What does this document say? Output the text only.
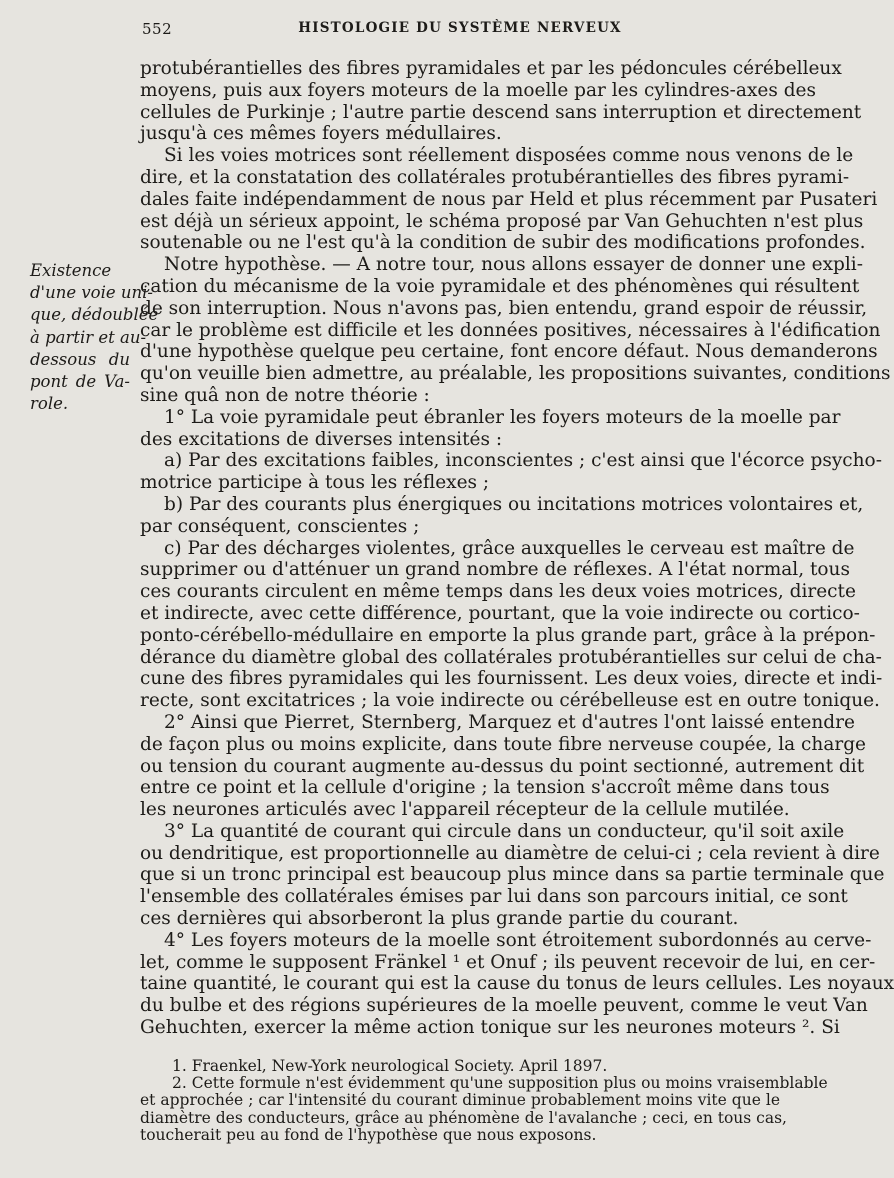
552	HISTOLOGIE DU SYSTÈME NERVEUX
Existence
d'une voie uni-
que, dédoublée
à partir et au-
dessous du
pont de Va-
role.
protubérantielles des fibres pyramidales et par les pédoncules cérébelleux
moyens, puis aux foyers moteurs de la moelle par les cylindres-axes des
cellules de Purkinje ; l'autre partie descend sans interruption et directement
jusqu'à ces mêmes foyers médullaires.
Si les voies motrices sont réellement disposées comme nous venons de le
dire, et la constatation des collatérales protubérantielles des fibres pyrami-
dales faite indépendamment de nous par Held et plus récemment par Pusateri
est déjà un sérieux appoint, le schéma proposé par Van Gehuchten n'est plus
soutenable ou ne l'est qu'à la condition de subir des modifications profondes.
Notre hypothèse. — A notre tour, nous allons essayer de donner une expli-
cation du mécanisme de la voie pyramidale et des phénomènes qui résultent
de son interruption. Nous n'avons pas, bien entendu, grand espoir de réussir,
car le problème est difficile et les données positives, nécessaires à l'édification
d'une hypothèse quelque peu certaine, font encore défaut. Nous demanderons
qu'on veuille bien admettre, au préalable, les propositions suivantes, conditions
sine quâ non de notre théorie :
1° La voie pyramidale peut ébranler les foyers moteurs de la moelle par
des excitations de diverses intensités :
a) Par des excitations faibles, inconscientes ; c'est ainsi que l'écorce psycho-
motrice participe à tous les réflexes ;
b) Par des courants plus énergiques ou incitations motrices volontaires et,
par conséquent, conscientes ;
c) Par des décharges violentes, grâce auxquelles le cerveau est maître de
supprimer ou d'atténuer un grand nombre de réflexes. A l'état normal, tous
ces courants circulent en même temps dans les deux voies motrices, directe
et indirecte, avec cette différence, pourtant, que la voie indirecte ou cortico-
ponto-cérébello-médullaire en emporte la plus grande part, grâce à la prépon-
dérance du diamètre global des collatérales protubérantielles sur celui de cha-
cune des fibres pyramidales qui les fournissent. Les deux voies, directe et indi-
recte, sont excitatrices ; la voie indirecte ou cérébelleuse est en outre tonique.
2° Ainsi que Pierret, Sternberg, Marquez et d'autres l'ont laissé entendre
de façon plus ou moins explicite, dans toute fibre nerveuse coupée, la charge
ou tension du courant augmente au-dessus du point sectionné, autrement dit
entre ce point et la cellule d'origine ; la tension s'accroît même dans tous
les neurones articulés avec l'appareil récepteur de la cellule mutilée.
3° La quantité de courant qui circule dans un conducteur, qu'il soit axile
ou dendritique, est proportionnelle au diamètre de celui-ci ; cela revient à dire
que si un tronc principal est beaucoup plus mince dans sa partie terminale que
l'ensemble des collatérales émises par lui dans son parcours initial, ce sont
ces dernières qui absorberont la plus grande partie du courant.
4° Les foyers moteurs de la moelle sont étroitement subordonnés au cerve-
let, comme le supposent Fränkel ¹ et Onuf ; ils peuvent recevoir de lui, en cer-
taine quantité, le courant qui est la cause du tonus de leurs cellules. Les noyaux
du bulbe et des régions supérieures de la moelle peuvent, comme le veut Van
Gehuchten, exercer la même action tonique sur les neurones moteurs ². Si
1. Fraenkel, New-York neurological Society. April 1897.
2. Cette formule n'est évidemment qu'une supposition plus ou moins vraisemblable
et approchée ; car l'intensité du courant diminue probablement moins vite que le
diamètre des conducteurs, grâce au phénomène de l'avalanche ; ceci, en tous cas,
toucherait peu au fond de l'hypothèse que nous exposons.
